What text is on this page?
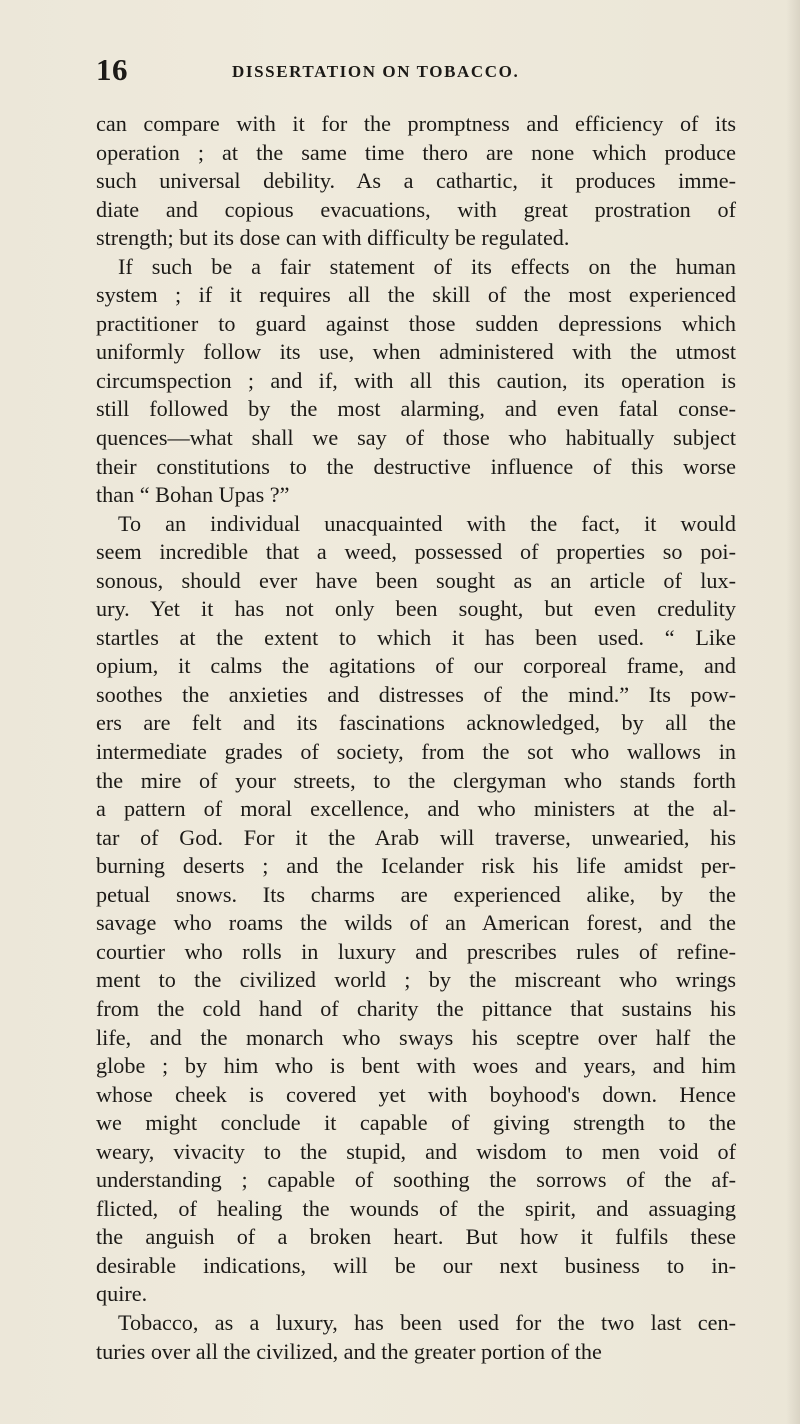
16	DISSERTATION ON TOBACCO.
can compare with it for the promptness and efficiency of its
operation ; at the same time thero are none which produce
such universal debility. As a cathartic, it produces imme-
diate and copious evacuations, with great prostration of
strength; but its dose can with difficulty be regulated.
If such be a fair statement of its effects on the human
system ; if it requires all the skill of the most experienced
practitioner to guard against those sudden depressions which
uniformly follow its use, when administered with the utmost
circumspection ; and if, with all this caution, its operation is
still followed by the most alarming, and even fatal conse-
quences—what shall we say of those who habitually subject
their constitutions to the destructive influence of this worse
than “ Bohan Upas ?”
To an individual unacquainted with the fact, it would
seem incredible that a weed, possessed of properties so poi-
sonous, should ever have been sought as an article of lux-
ury. Yet it has not only been sought, but even credulity
startles at the extent to which it has been used. “ Like
opium, it calms the agitations of our corporeal frame, and
soothes the anxieties and distresses of the mind.” Its pow-
ers are felt and its fascinations acknowledged, by all the
intermediate grades of society, from the sot who wallows in
the mire of your streets, to the clergyman who stands forth
a pattern of moral excellence, and who ministers at the al-
tar of God. For it the Arab will traverse, unwearied, his
burning deserts ; and the Icelander risk his life amidst per-
petual snows. Its charms are experienced alike, by the
savage who roams the wilds of an American forest, and the
courtier who rolls in luxury and prescribes rules of refine-
ment to the civilized world ; by the miscreant who wrings
from the cold hand of charity the pittance that sustains his
life, and the monarch who sways his sceptre over half the
globe ; by him who is bent with woes and years, and him
whose cheek is covered yet with boyhood's down. Hence
we might conclude it capable of giving strength to the
weary, vivacity to the stupid, and wisdom to men void of
understanding ; capable of soothing the sorrows of the af-
flicted, of healing the wounds of the spirit, and assuaging
the anguish of a broken heart. But how it fulfils these
desirable indications, will be our next business to in-
quire.
Tobacco, as a luxury, has been used for the two last cen-
turies over all the civilized, and the greater portion of the
